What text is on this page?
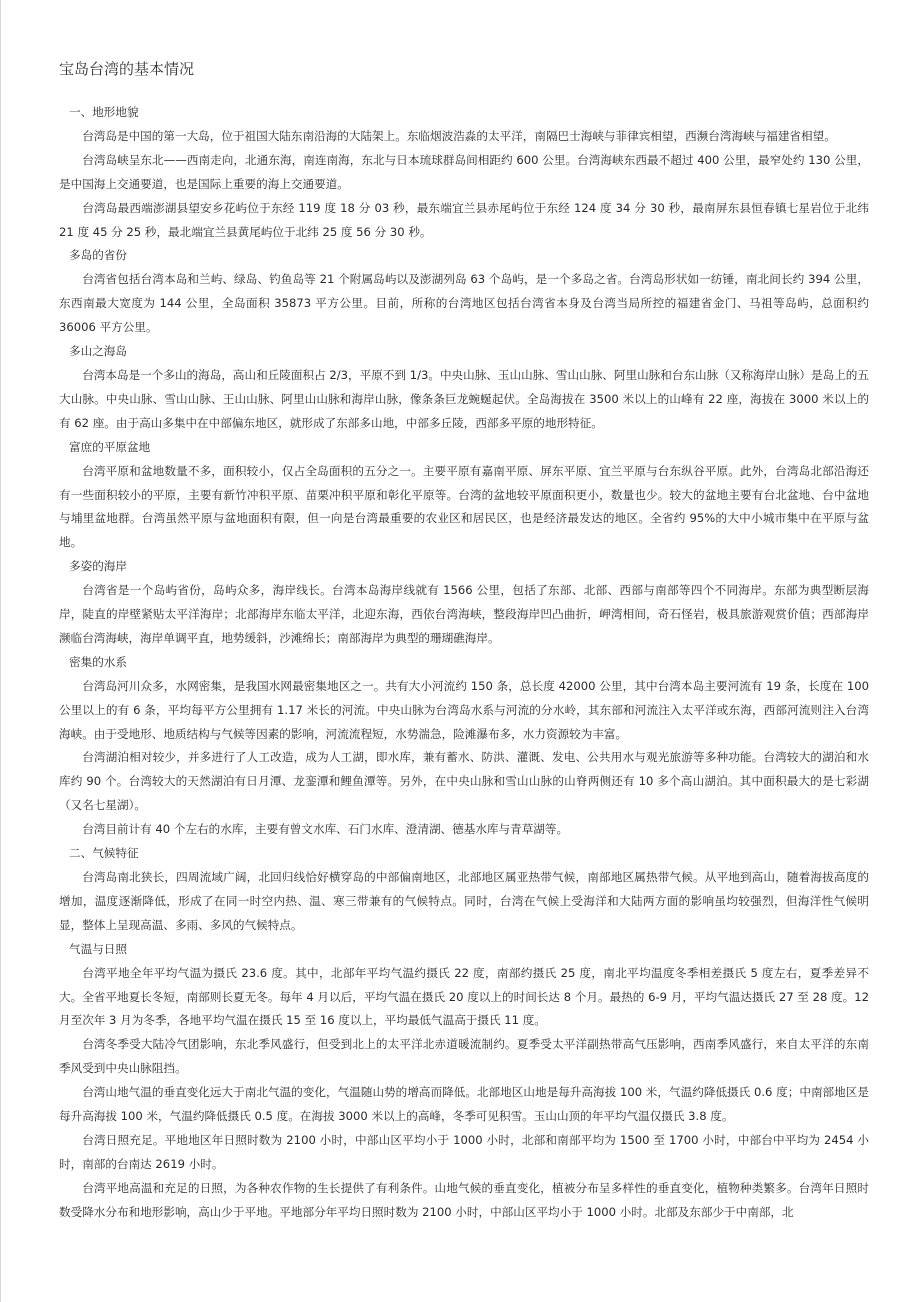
宝岛台湾的基本情况

一、地形地貌

台湾岛是中国的第一大岛，位于祖国大陆东南沿海的大陆架上。东临烟波浩淼的太平洋，南隔巴士海峡与菲律宾相望，西濒台湾海峡与福建省相望。

台湾岛峡呈东北——西南走向，北通东海，南连南海，东北与日本琉球群岛间相距约 600 公里。台湾海峡东西最不超过 400 公里，最窄处约 130 公里，是中国海上交通要道，也是国际上重要的海上交通要道。

台湾岛最西端澎湖县望安乡花屿位于东经 119 度 18 分 03 秒，最东端宜兰县赤尾屿位于东经 124 度 34 分 30 秒，最南屏东县恒春镇七星岩位于北纬 21 度 45 分 25 秒，最北端宜兰县黄尾屿位于北纬 25 度 56 分 30 秒。

多岛的省份

台湾省包括台湾本岛和兰屿、绿岛、钓鱼岛等 21 个附属岛屿以及澎湖列岛 63 个岛屿，是一个多岛之省。台湾岛形状如一纺锤，南北间长约 394 公里，东西南最大宽度为 144 公里，全岛面积 35873 平方公里。目前，所称的台湾地区包括台湾省本身及台湾当局所控的福建省金门、马祖等岛屿，总面积约 36006 平方公里。

多山之海岛

台湾本岛是一个多山的海岛，高山和丘陵面积占 2/3，平原不到 1/3。中央山脉、玉山山脉、雪山山脉、阿里山脉和台东山脉（又称海岸山脉）是岛上的五大山脉。中央山脉、雪山山脉、王山山脉、阿里山山脉和海岸山脉，像条条巨龙蜿蜒起伏。全岛海拔在 3500 米以上的山峰有 22 座，海拔在 3000 米以上的有 62 座。由于高山多集中在中部偏东地区，就形成了东部多山地，中部多丘陵，西部多平原的地形特征。

富庶的平原盆地

台湾平原和盆地数量不多，面积较小，仅占全岛面积的五分之一。主要平原有嘉南平原、屏东平原、宜兰平原与台东纵谷平原。此外，台湾岛北部沿海还有一些面积较小的平原，主要有新竹冲积平原、苗栗冲积平原和彰化平原等。台湾的盆地较平原面积更小，数量也少。较大的盆地主要有台北盆地、台中盆地与埔里盆地群。台湾虽然平原与盆地面积有限，但一向是台湾最重要的农业区和居民区，也是经济最发达的地区。全省约 95%的大中小城市集中在平原与盆地。

多姿的海岸

台湾省是一个岛屿省份，岛屿众多，海岸线长。台湾本岛海岸线就有 1566 公里，包括了东部、北部、西部与南部等四个不同海岸。东部为典型断层海岸，陡直的岸壁紧贴太平洋海岸；北部海岸东临太平洋，北迎东海，西依台湾海峡，整段海岸凹凸曲折，岬湾相间，奇石怪岩，极具旅游观赏价值；西部海岸濒临台湾海峡，海岸单调平直，地势缓斜，沙滩绵长；南部海岸为典型的珊瑚礁海岸。

密集的水系

台湾岛河川众多，水网密集，是我国水网最密集地区之一。共有大小河流约 150 条，总长度 42000 公里，其中台湾本岛主要河流有 19 条，长度在 100 公里以上的有 6 条，平均每平方公里拥有 1.17 米长的河流。中央山脉为台湾岛水系与河流的分水岭，其东部和河流注入太平洋或东海，西部河流则注入台湾海峡。由于受地形、地质结构与气候等因素的影响，河流流程短，水势湍急，险滩瀑布多，水力资源较为丰富。

台湾湖泊相对较少，并多进行了人工改造，成为人工湖，即水库，兼有蓄水、防洪、灌溉、发电、公共用水与观光旅游等多种功能。台湾较大的湖泊和水库约 90 个。台湾较大的天然湖泊有日月潭、龙銮潭和鲤鱼潭等。另外，在中央山脉和雪山山脉的山脊两侧还有 10 多个高山湖泊。其中面积最大的是七彩湖（又名七星湖）。

台湾目前计有 40 个左右的水库，主要有曾文水库、石门水库、澄清湖、德基水库与青草湖等。

二、气候特征

台湾岛南北狭长，四周流域广阔，北回归线恰好横穿岛的中部偏南地区，北部地区属亚热带气候，南部地区属热带气候。从平地到高山，随着海拔高度的增加，温度逐渐降低，形成了在同一时空内热、温、寒三带兼有的气候特点。同时，台湾在气候上受海洋和大陆两方面的影响虽均较强烈，但海洋性气候明显，整体上呈现高温、多雨、多风的气候特点。

气温与日照

台湾平地全年平均气温为摄氏 23.6 度。其中，北部年平均气温约摄氏 22 度，南部约摄氏 25 度，南北平均温度冬季相差摄氏 5 度左右，夏季差异不大。全省平地夏长冬短，南部则长夏无冬。每年 4 月以后，平均气温在摄氏 20 度以上的时间长达 8 个月。最热的 6-9 月，平均气温达摄氏 27 至 28 度。12 月至次年 3 月为冬季，各地平均气温在摄氏 15 至 16 度以上，平均最低气温高于摄氏 11 度。

台湾冬季受大陆冷气团影响，东北季风盛行，但受到北上的太平洋北赤道暖流制约。夏季受太平洋副热带高气压影响，西南季风盛行，来自太平洋的东南季风受到中央山脉阻挡。

台湾山地气温的垂直变化远大于南北气温的变化，气温随山势的增高而降低。北部地区山地是每升高海拔 100 米，气温约降低摄氏 0.6 度；中南部地区是每升高海拔 100 米，气温约降低摄氏 0.5 度。在海拔 3000 米以上的高峰，冬季可见积雪。玉山山顶的年平均气温仅摄氏 3.8 度。

台湾日照充足。平地地区年日照时数为 2100 小时，中部山区平均小于 1000 小时，北部和南部平均为 1500 至 1700 小时，中部台中平均为 2454 小时，南部的台南达 2619 小时。

台湾平地高温和充足的日照，为各种农作物的生长提供了有利条件。山地气候的垂直变化，植被分布呈多样性的垂直变化，植物种类繁多。台湾年日照时数受降水分布和地形影响，高山少于平地。平地部分年平均日照时数为 2100 小时，中部山区平均小于 1000 小时。北部及东部少于中南部，北
